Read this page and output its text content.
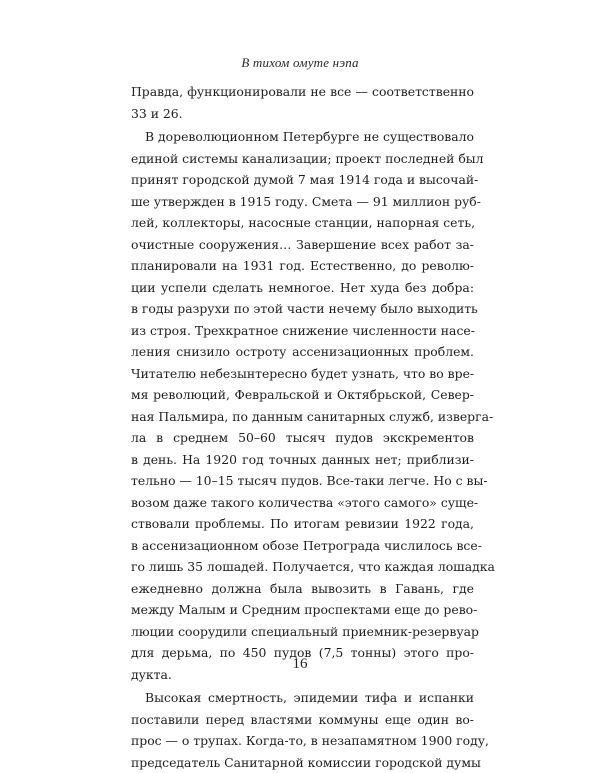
В тихом омуте нэпа
Правда, функционировали не все — соответственно
33 и 26.
В дореволюционном Петербурге не существовало
единой системы канализации; проект последней был
принят городской думой 7 мая 1914 года и высочай-
ше утвержден в 1915 году. Смета — 91 миллион руб-
лей, коллекторы, насосные станции, напорная сеть,
очистные сооружения… Завершение всех работ за-
планировали на 1931 год. Естественно, до револю-
ции успели сделать немногое. Нет худа без добра:
в годы разрухи по этой части нечему было выходить
из строя. Трехкратное снижение численности насе-
ления снизило остроту ассенизационных проблем.
Читателю небезынтересно будет узнать, что во вре-
мя революций, Февральской и Октябрьской, Север-
ная Пальмира, по данным санитарных служб, изверга-
ла в среднем 50–60 тысяч пудов экскрементов
в день. На 1920 год точных данных нет; приблизи-
тельно — 10–15 тысяч пудов. Все-таки легче. Но с вы-
возом даже такого количества «этого самого» суще-
ствовали проблемы. По итогам ревизии 1922 года,
в ассенизационном обозе Петрограда числилось все-
го лишь 35 лошадей. Получается, что каждая лошадка
ежедневно должна была вывозить в Гавань, где
между Малым и Средним проспектами еще до рево-
люции соорудили специальный приемник-резервуар
для дерьма, по 450 пудов (7,5 тонны) этого про-
дукта.
Высокая смертность, эпидемии тифа и испанки
поставили перед властями коммуны еще один во-
прос — о трупах. Когда-то, в незапамятном 1900 году,
председатель Санитарной комиссии городской думы
16
